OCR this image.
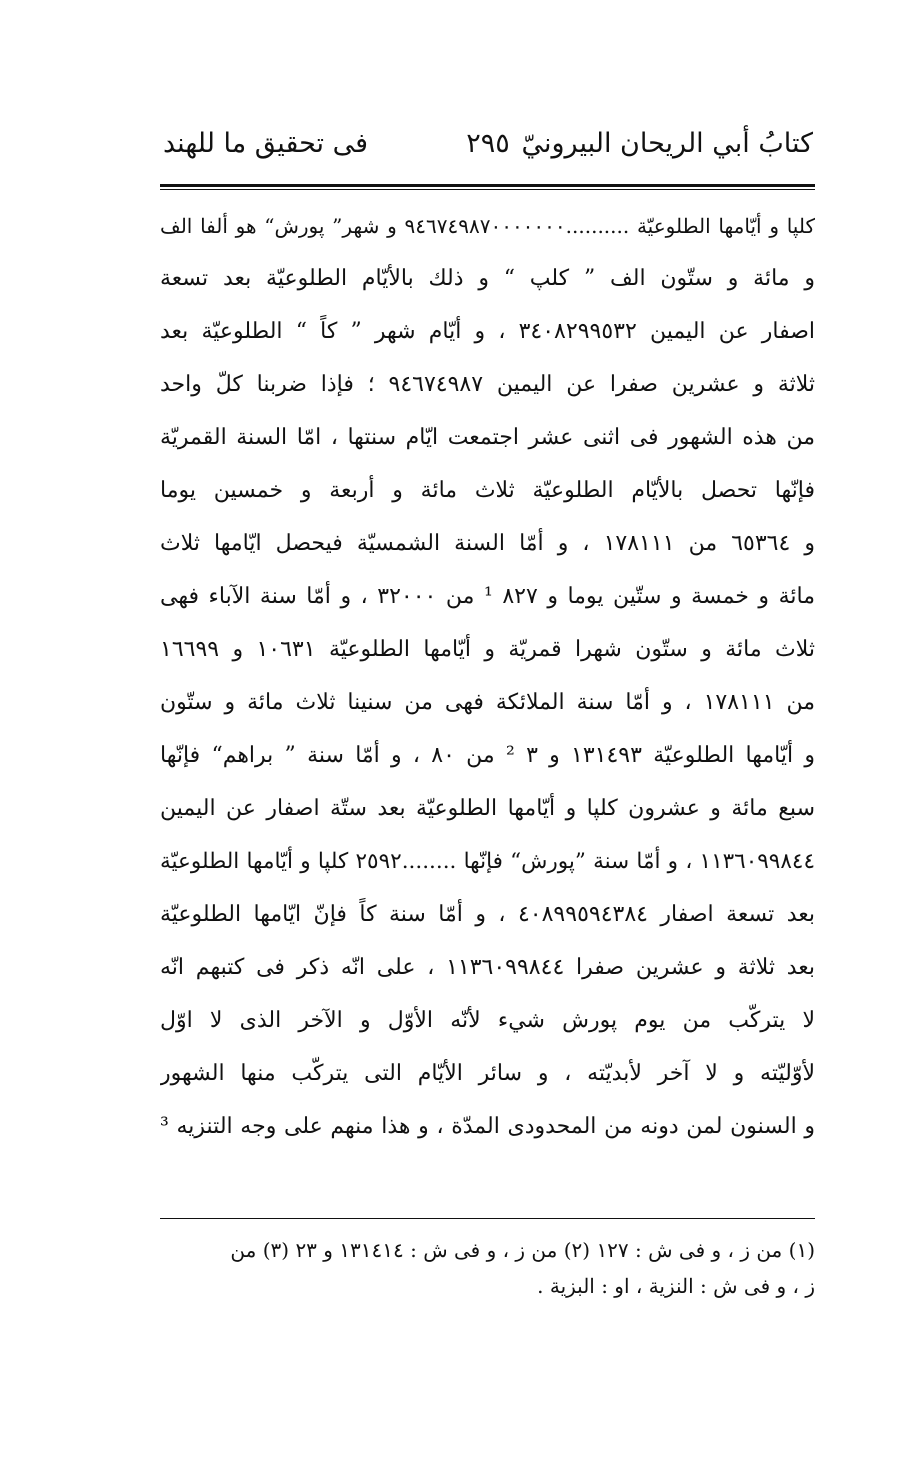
كتابُ أبي الريحان البيرونيّ
٢٩٥
فى تحقيق ما للهند
كلپا و أيّامها الطلوعيّة ..........٩٤٦٧٤٩٨٧٠٠٠٠٠٠٠ و شهر” پورش“ هو ألفا الف
و مائة و ستّون الف ” كلپ “ و ذلك بالأيّام الطلوعيّة بعد تسعة
اصفار عن اليمين ٣٤٠٨٢٩٩٥٣٢ ، و أيّام شهر ” كاً “ الطلوعيّة بعد
ثلاثة و عشرين صفرا عن اليمين ٩٤٦٧٤٩٨٧ ؛ فإذا ضربنا كلّ واحد
من هذه الشهور فى اثنى عشر اجتمعت ايّام سنتها ، امّا السنة القمريّة
فإنّها تحصل بالأيّام الطلوعيّة ثلاث مائة و أربعة و خمسين يوما
و ٦٥٣٦٤ من ١٧٨١١١ ، و أمّا السنة الشمسيّة فيحصل ايّامها ثلاث
مائة و خمسة و ستّين يوما و ٨٢٧ ¹ من ٣٢٠٠٠ ، و أمّا سنة الآباء فهى
ثلاث مائة و ستّون شهرا قمريّة و أيّامها الطلوعيّة ١٠٦٣١ و ١٦٦٩٩
من ١٧٨١١١ ، و أمّا سنة الملائكة فهى من سنينا ثلاث مائة و ستّون
و أيّامها الطلوعيّة ١٣١٤٩٣ و ٣ ² من ٨٠ ، و أمّا سنة ” براهم“ فإنّها
سبع مائة و عشرون كلپا و أيّامها الطلوعيّة بعد ستّة اصفار عن اليمين
١١٣٦٠٩٩٨٤٤ ، و أمّا سنة ”پورش“ فإنّها ........٢٥٩٢ كلپا و أيّامها الطلوعيّة
بعد تسعة اصفار ٤٠٨٩٩٥٩٤٣٨٤ ، و أمّا سنة كاً فإنّ ايّامها الطلوعيّة
بعد ثلاثة و عشرين صفرا ١١٣٦٠٩٩٨٤٤ ، على انّه ذكر فى كتبهم انّه
لا يتركّب من يوم پورش شيء لأنّه الأوّل و الآخر الذى لا اوّل
لأوّليّته و لا آخر لأبديّته ، و سائر الأيّام التى يتركّب منها الشهور
و السنون لمن دونه من المحدودى المدّة ، و هذا منهم على وجه التنزيه ³
(١) من ز ، و فى ش : ١٢٧ (٢) من ز ، و فى ش : ١٣١٤١٤ و ٢٣ (٣) من
ز ، و فى ش : النزية ، او : البزية .
